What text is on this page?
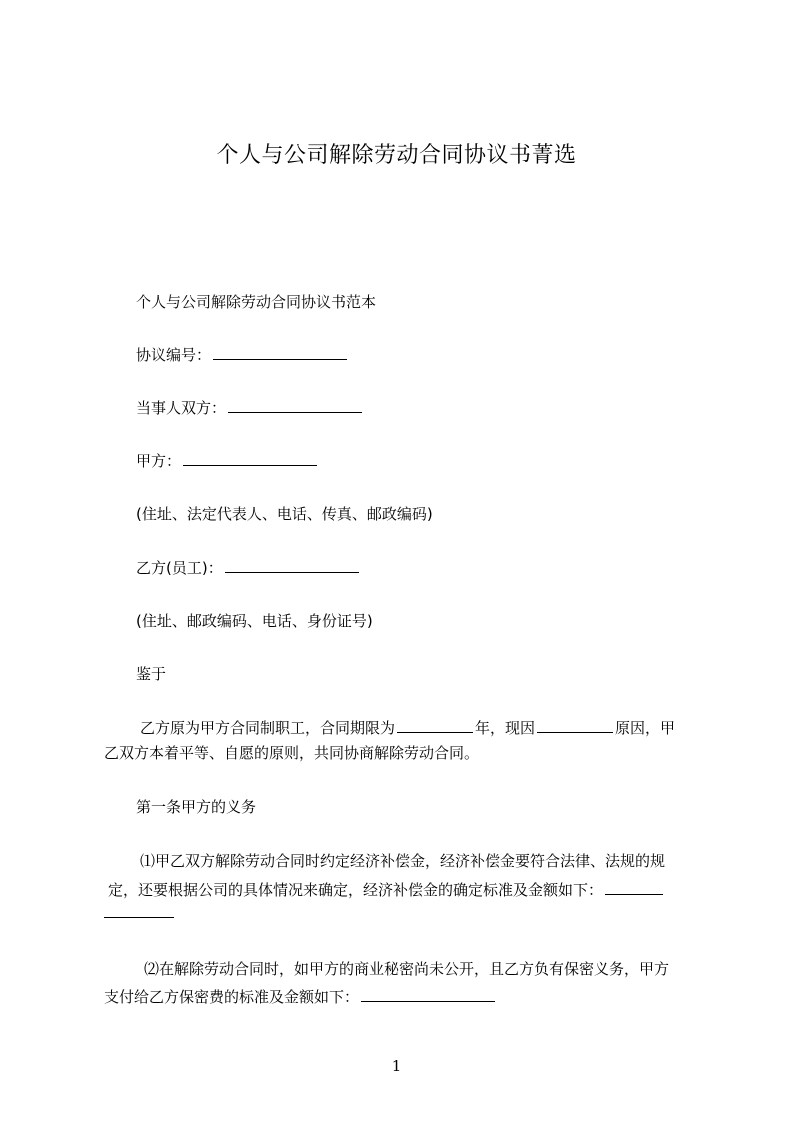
个人与公司解除劳动合同协议书菁选
个人与公司解除劳动合同协议书范本
协议编号：
当事人双方：
甲方：
(住址、法定代表人、电话、传真、邮政编码)
乙方(员工)：
(住址、邮政编码、电话、身份证号)
鉴于
乙方原为甲方合同制职工，合同期限为	年，现因	原因，甲
乙双方本着平等、自愿的原则，共同协商解除劳动合同。
第一条甲方的义务
⑴甲乙双方解除劳动合同时约定经济补偿金，经济补偿金要符合法律、法规的规
定，还要根据公司的具体情况来确定，经济补偿金的确定标准及金额如下：
⑵在解除劳动合同时，如甲方的商业秘密尚未公开，且乙方负有保密义务，甲方
支付给乙方保密费的标准及金额如下：
1
